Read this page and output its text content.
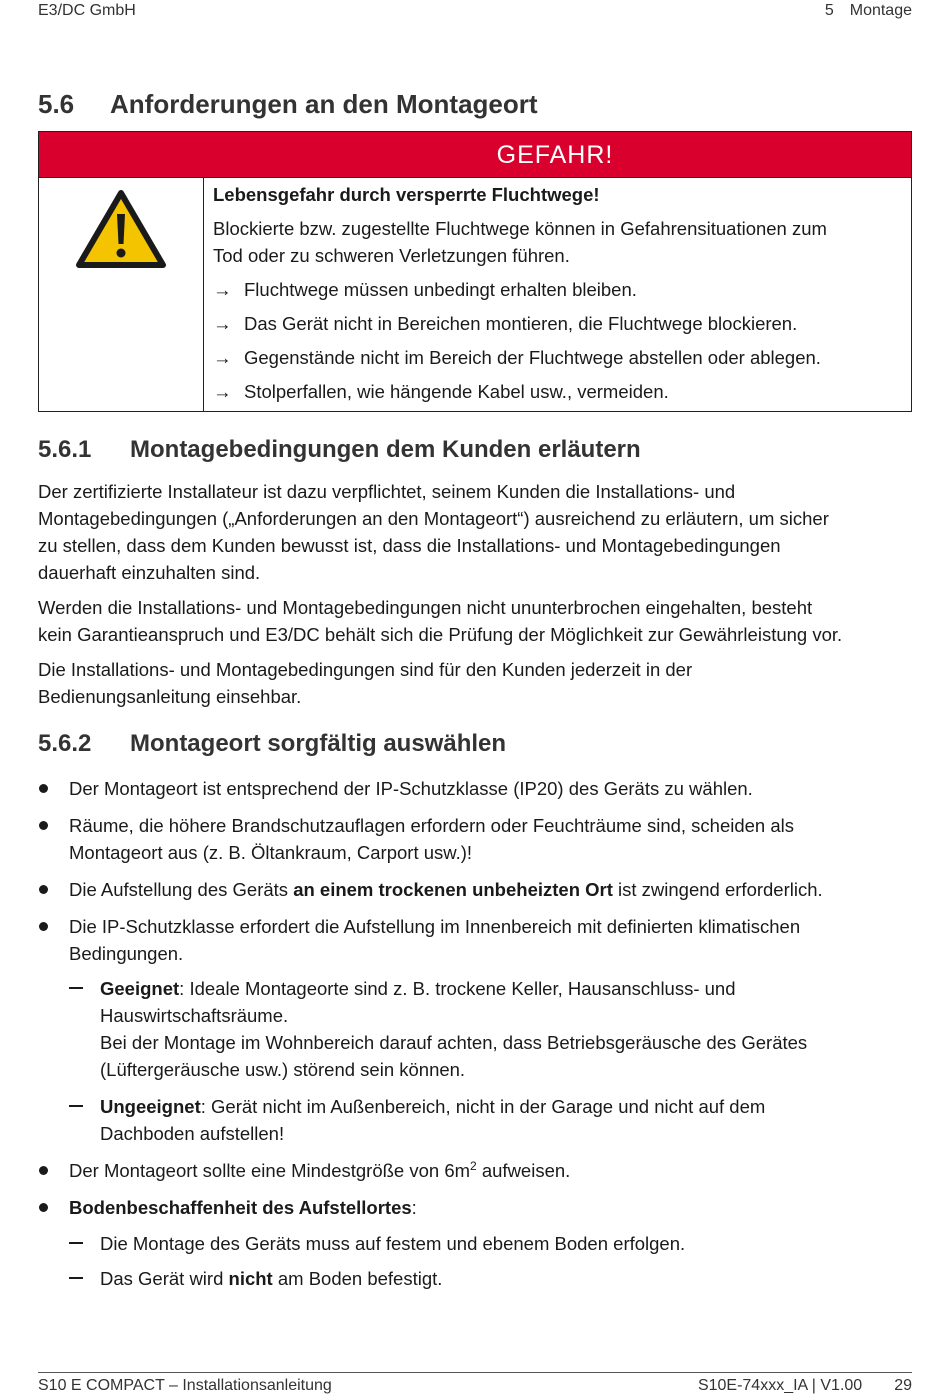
E3/DC GmbH	5 Montage
5.6 Anforderungen an den Montageort
GEFAHR!
Lebensgefahr durch versperrte Fluchtwege!
Blockierte bzw. zugestellte Fluchtwege können in Gefahrensituationen zum
Tod oder zu schweren Verletzungen führen.
→ Fluchtwege müssen unbedingt erhalten bleiben.
→ Das Gerät nicht in Bereichen montieren, die Fluchtwege blockieren.
→ Gegenstände nicht im Bereich der Fluchtwege abstellen oder ablegen.
→ Stolperfallen, wie hängende Kabel usw., vermeiden.
5.6.1 Montagebedingungen dem Kunden erläutern
Der zertifizierte Installateur ist dazu verpflichtet, seinem Kunden die Installations- und
Montagebedingungen („Anforderungen an den Montageort“) ausreichend zu erläutern, um sicher
zu stellen, dass dem Kunden bewusst ist, dass die Installations- und Montagebedingungen
dauerhaft einzuhalten sind.
Werden die Installations- und Montagebedingungen nicht ununterbrochen eingehalten, besteht
kein Garantieanspruch und E3/DC behält sich die Prüfung der Möglichkeit zur Gewährleistung vor.
Die Installations- und Montagebedingungen sind für den Kunden jederzeit in der
Bedienungsanleitung einsehbar.
5.6.2 Montageort sorgfältig auswählen
Der Montageort ist entsprechend der IP-Schutzklasse (IP20) des Geräts zu wählen.
Räume, die höhere Brandschutzauflagen erfordern oder Feuchträume sind, scheiden als
Montageort aus (z. B. Öltankraum, Carport usw.)!
Die Aufstellung des Geräts an einem trockenen unbeheizten Ort ist zwingend erforderlich.
Die IP-Schutzklasse erfordert die Aufstellung im Innenbereich mit definierten klimatischen
Bedingungen.
Geeignet: Ideale Montageorte sind z. B. trockene Keller, Hausanschluss- und
Hauswirtschaftsräume.
Bei der Montage im Wohnbereich darauf achten, dass Betriebsgeräusche des Gerätes
(Lüftergeräusche usw.) störend sein können.
Ungeeignet: Gerät nicht im Außenbereich, nicht in der Garage und nicht auf dem
Dachboden aufstellen!
Der Montageort sollte eine Mindestgröße von $6m^2$ aufweisen.
Bodenbeschaffenheit des Aufstellortes:
Die Montage des Geräts muss auf festem und ebenem Boden erfolgen.
Das Gerät wird nicht am Boden befestigt.
S10 E COMPACT – Installationsanleitung	S10E-74xxx_IA | V1.00 29
